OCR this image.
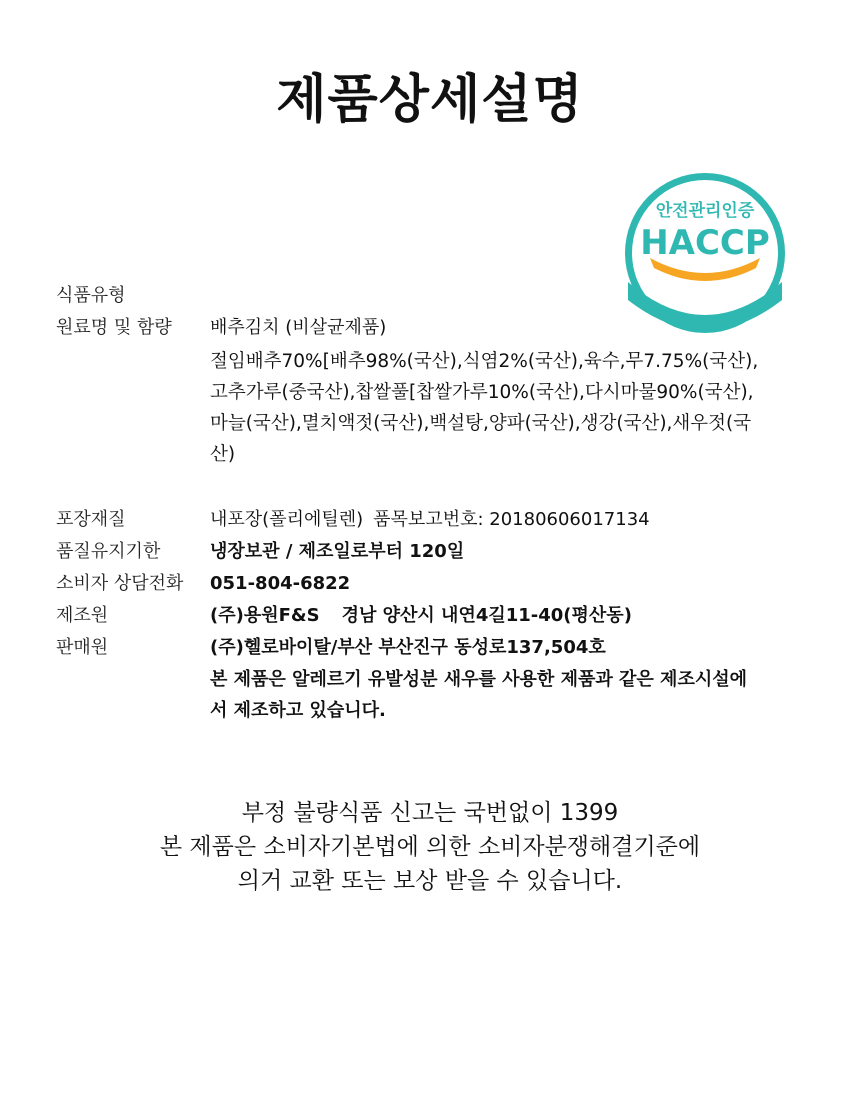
제품상세설명
안전관리인증
HACCP
식품의약품안전처
식품유형
원료명 및 함량	배추김치 (비살균제품)
절임배추70%[배추98%(국산),식염2%(국산),육수,무7.75%(국산),
고추가루(중국산),찹쌀풀[찹쌀가루10%(국산),다시마물90%(국산),
마늘(국산),멸치액젓(국산),백설탕,양파(국산),생강(국산),새우젓(국
산)
포장재질	내포장(폴리에틸렌) 품목보고번호: 20180606017134
품질유지기한	냉장보관 / 제조일로부터 120일
소비자 상담전화	051-804-6822
제조원	(주)용원F&S 경남 양산시 내연4길11-40(평산동)
판매원	(주)헬로바이탈/부산 부산진구 동성로137,504호
본 제품은 알레르기 유발성분 새우를 사용한 제품과 같은 제조시설에
서 제조하고 있습니다.
부정 불량식품 신고는 국번없이 1399
본 제품은 소비자기본법에 의한 소비자분쟁해결기준에
의거 교환 또는 보상 받을 수 있습니다.
